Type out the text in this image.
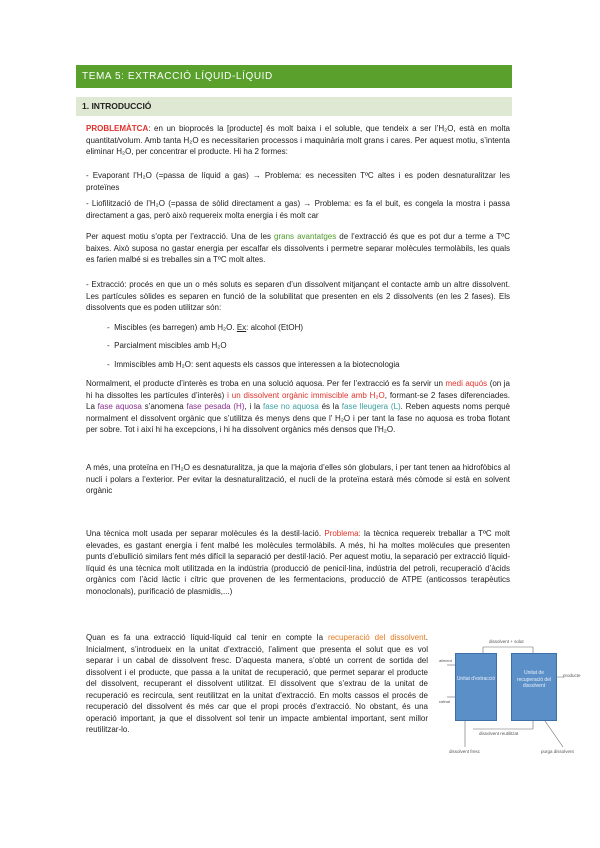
TEMA 5: EXTRACCIÓ LÍQUID-LÍQUID
1. INTRODUCCIÓ
PROBLEMÀTCA: en un bioprocés la [producte] és molt baixa i el soluble, que tendeix a ser l’H₂O, està en molta quantitat/volum. Amb tanta H₂O es necessitarien processos i maquinària molt grans i cares. Per aquest motiu, s’intenta eliminar H₂O, per concentrar el producte. Hi ha 2 formes:
- Evaporant l’H₂O (=passa de líquid a gas) → Problema: es necessiten TºC altes i es poden desnaturalitzar les proteïnes
- Liofilització de l’H₂O (=passa de sòlid directament a gas) → Problema: es fa el buit, es congela la mostra i passa directament a gas, però això requereix molta energia i és molt car
Per aquest motiu s’opta per l’extracció. Una de les grans avantatges de l’extracció és que es pot dur a terme a TºC baixes. Això suposa no gastar energia per escalfar els dissolvents i permetre separar molècules termolàbils, les quals es farien malbé si es treballes sin a TºC molt altes.
- Extracció: procés en que un o més soluts es separen d’un dissolvent mitjançant el contacte amb un altre dissolvent. Les partícules sòlides es separen en funció de la solubilitat que presenten en els 2 dissolvents (en les 2 fases). Els dissolvents que es poden utilitzar són:
-  Miscibles (es barregen) amb H₂O. Ex: alcohol (EtOH)
-  Parcialment miscibles amb H₂O
-  Immiscibles amb H₂O: sent aquests els cassos que interessen a la biotecnologia
Normalment, el producte d’interès es troba en una solució aquosa. Per fer l’extracció es fa servir un medi aquós (on ja hi ha dissoltes les partícules d’interès) i un dissolvent orgànic immiscible amb H₂O, formant-se 2 fases diferenciades. La fase aquosa s’anomena fase pesada (H), i la fase no aquosa és la fase lleugera (L). Reben aquests noms perquè normalment el dissolvent orgànic que s’utilitza és menys dens que l’ H₂O i per tant la fase no aquosa es troba flotant per sobre. Tot i així hi ha excepcions, i hi ha dissolvent orgànics més densos que l’H₂O.
A més, una proteïna en l’H₂O es desnaturalitza, ja que la majoria d’elles són globulars, i per tant tenen aa hidrofòbics al nucli i polars a l’exterior. Per evitar la desnaturalització, el nucli de la proteïna estarà més còmode si està en solvent orgànic
Una tècnica molt usada per separar molècules és la destil·lació. Problema: la tècnica requereix treballar a TºC molt elevades, es gastant energia i fent malbé les molècules termolàbils. A més, hi ha moltes molècules que presenten punts d’ebullició similars fent més difícil la separació per destil·lació. Per aquest motiu, la separació per extracció líquid-líquid és una tècnica molt utilitzada en la indústria (producció de penicil·lina, indústria del petroli, recuperació d’àcids orgànics com l’àcid làctic i cítric que provenen de les fermentacions, producció de ATPE (anticossos terapèutics monoclonals), purificació de plasmidis,...)
Quan es fa una extracció líquid-líquid cal tenir en compte la recuperació del dissolvent. Inicialment, s’introdueix en la unitat d’extracció, l’aliment que presenta el solut que es vol separar i un cabal de dissolvent fresc. D’aquesta manera, s’obté un corrent de sortida del dissolvent i el producte, que passa a la unitat de recuperació, que permet separar el producte del dissolvent, recuperant el dissolvent utilitzat. El dissolvent que s’extrau de la unitat de recuperació es recircula, sent reutilitzat en la unitat d’extracció. En molts cassos el procés de recuperació del dissolvent és més car que el propi procés d’extracció. No obstant, és una operació important, ja que el dissolvent sol tenir un impacte ambiental important, sent millor reutilitzar-lo.
dissolvent + solut
Unitat d’extracció
Unitat de recuperació del dissolvent
producte
dissolvent reutilitzat
aliment
rafinat
dissolvent fresc	purga dissolvent
